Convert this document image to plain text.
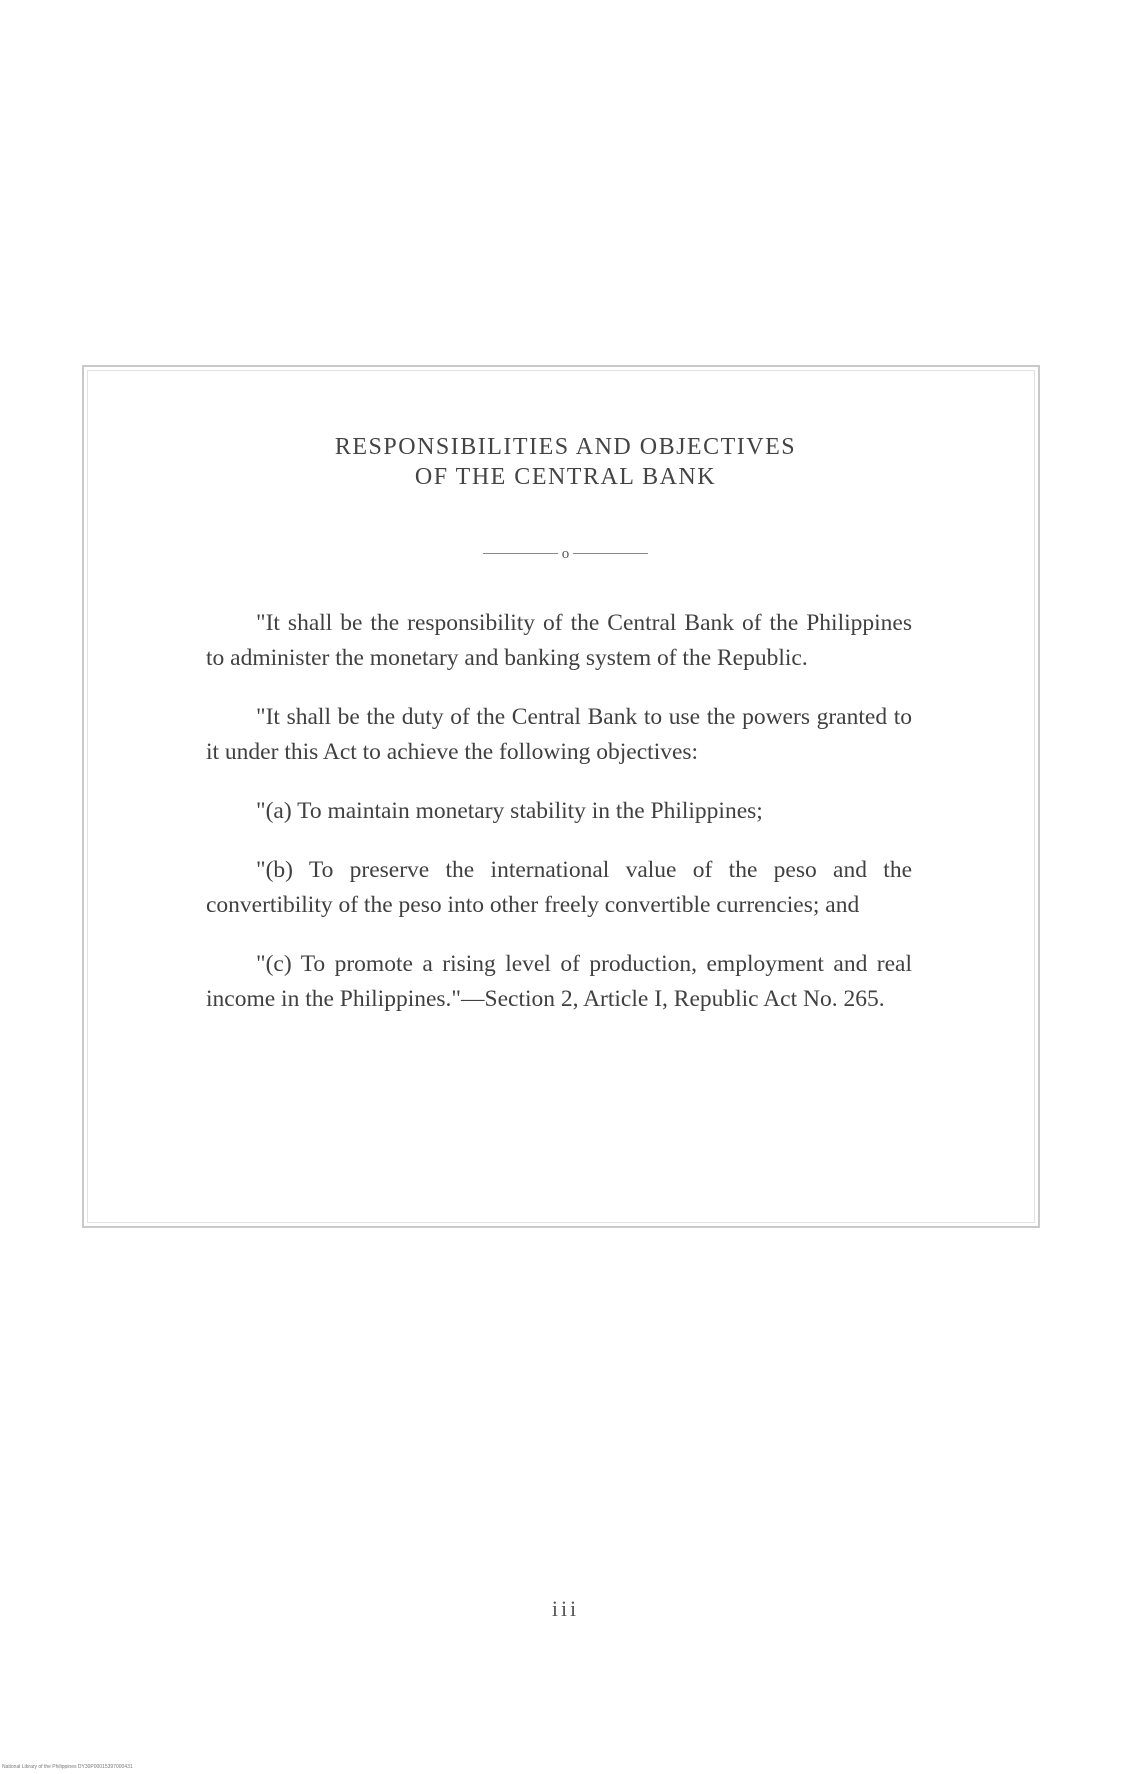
RESPONSIBILITIES AND OBJECTIVES
OF THE CENTRAL BANK
o

"It shall be the responsibility of the Central Bank of the Philippines to administer the monetary and banking system of the Republic.

"It shall be the duty of the Central Bank to use the powers granted to it under this Act to achieve the following objectives:

"(a) To maintain monetary stability in the Philippines;

"(b) To preserve the international value of the peso and the convertibility of the peso into other freely convertible currencies; and

"(c) To promote a rising level of production, employment and real income in the Philippines."—Section 2, Article I, Republic Act No. 265.

iii
National Library of the Philippines DY30P00015397000431
